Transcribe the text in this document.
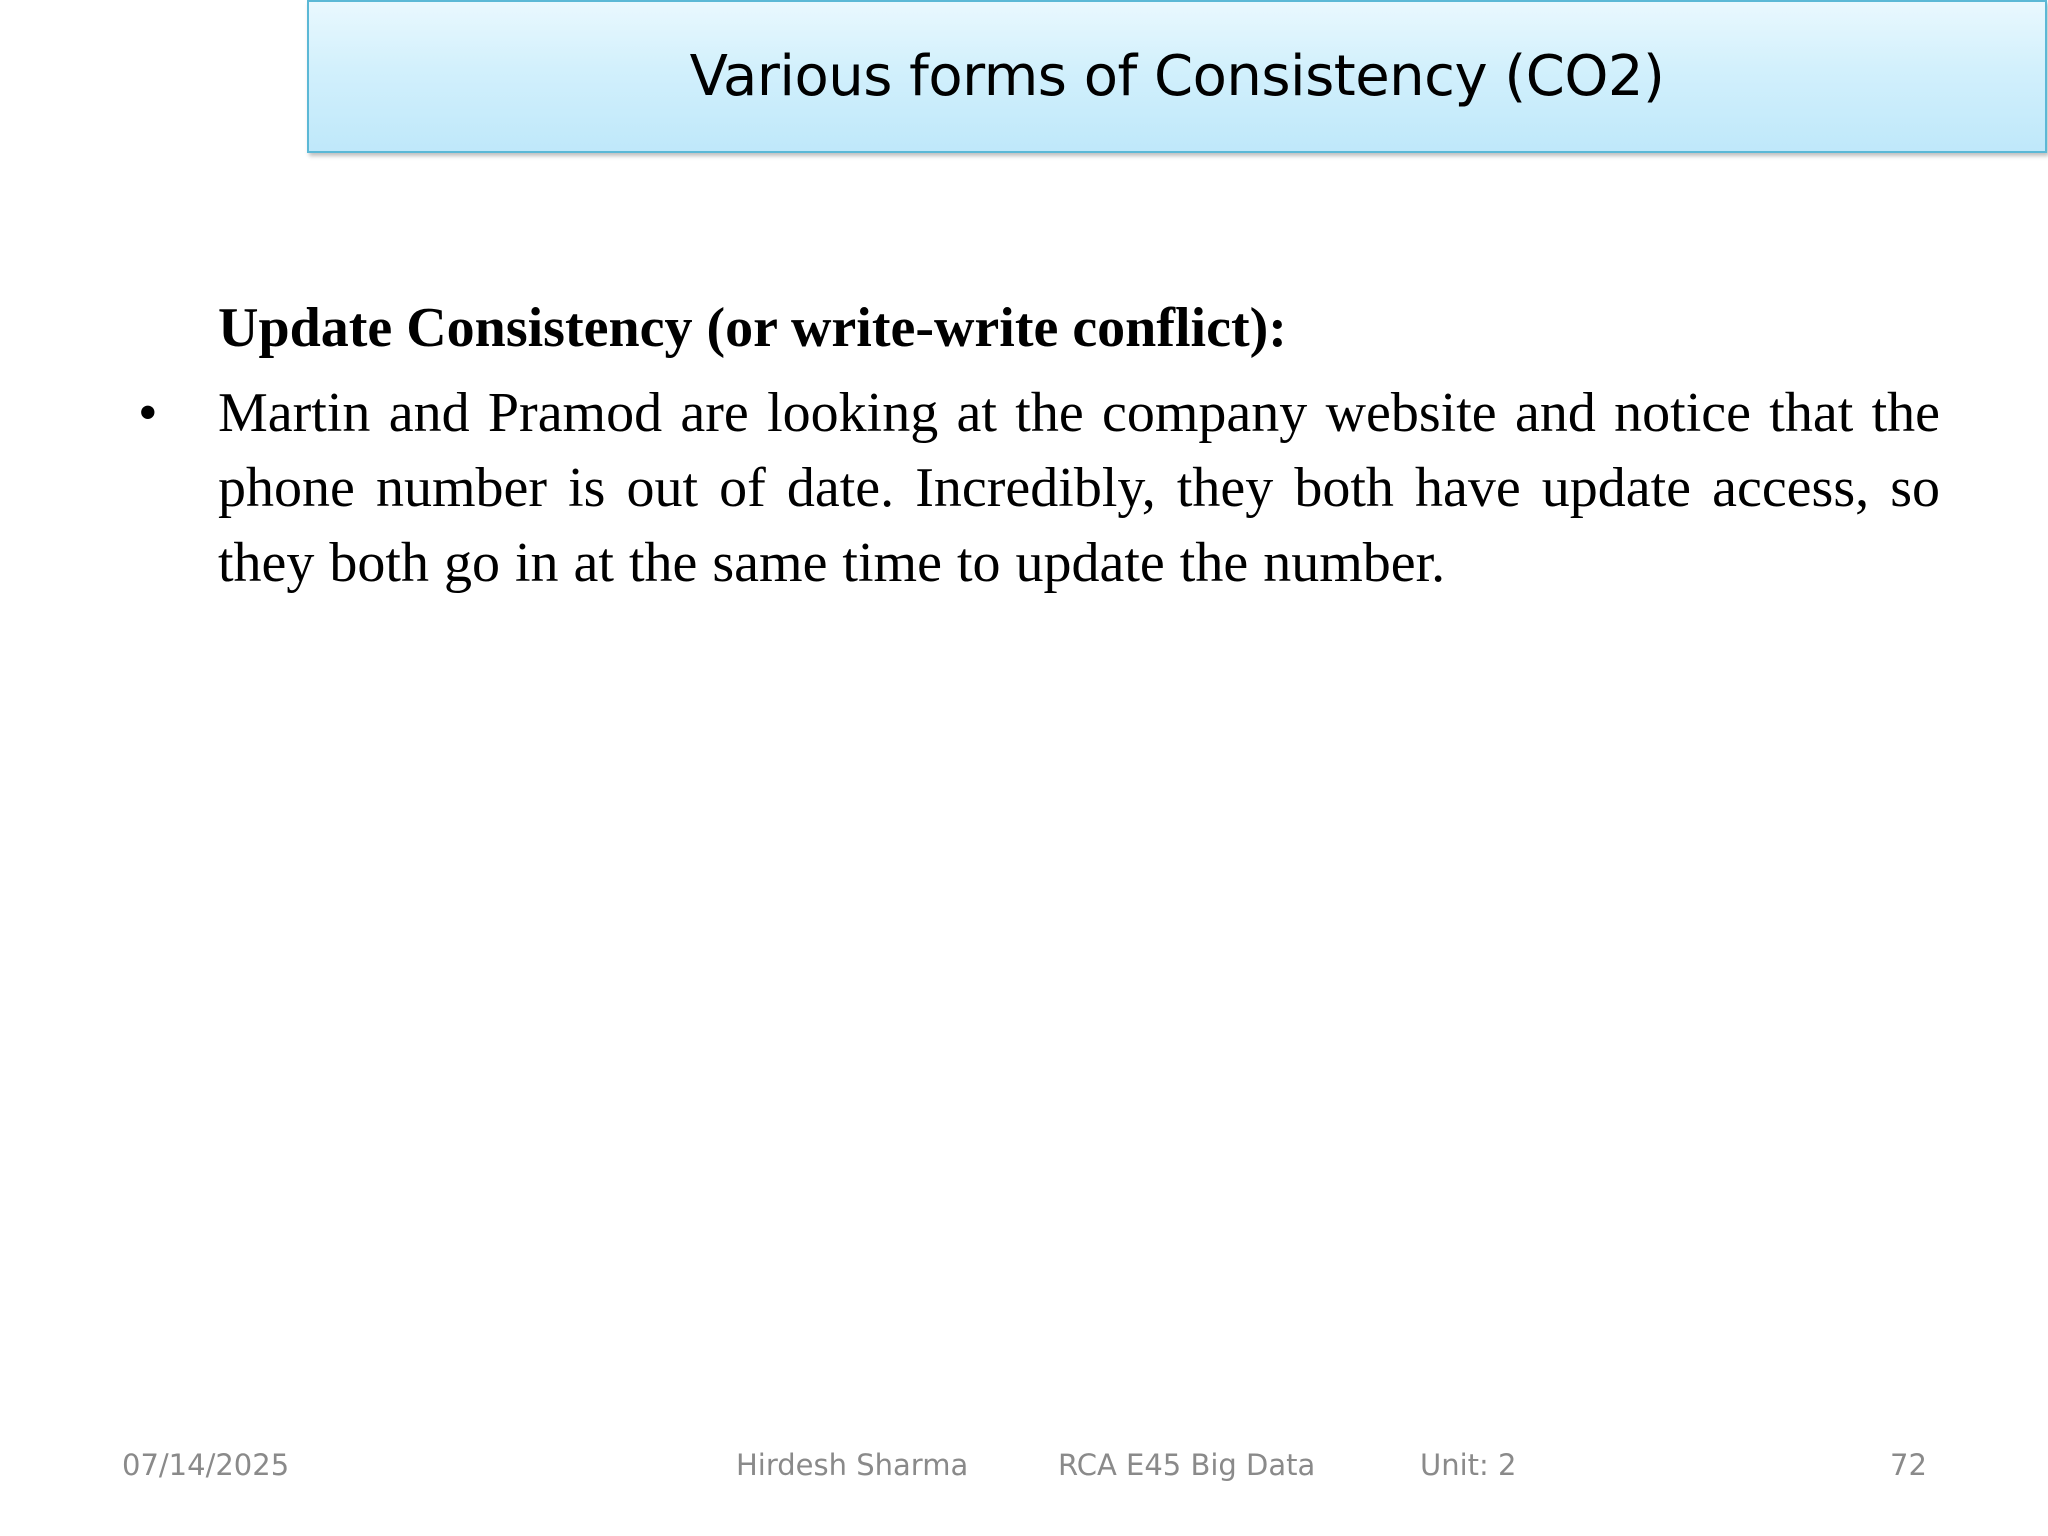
Various forms of Consistency (CO2)
Update Consistency (or write-write conflict):
•	Martin and Pramod are looking at the company website and notice that the phone number is out of date. Incredibly, they both have update access, so they both go in at the same time to update the number.
07/14/2025	Hirdesh Sharma	RCA E45 Big Data	Unit: 2	72
